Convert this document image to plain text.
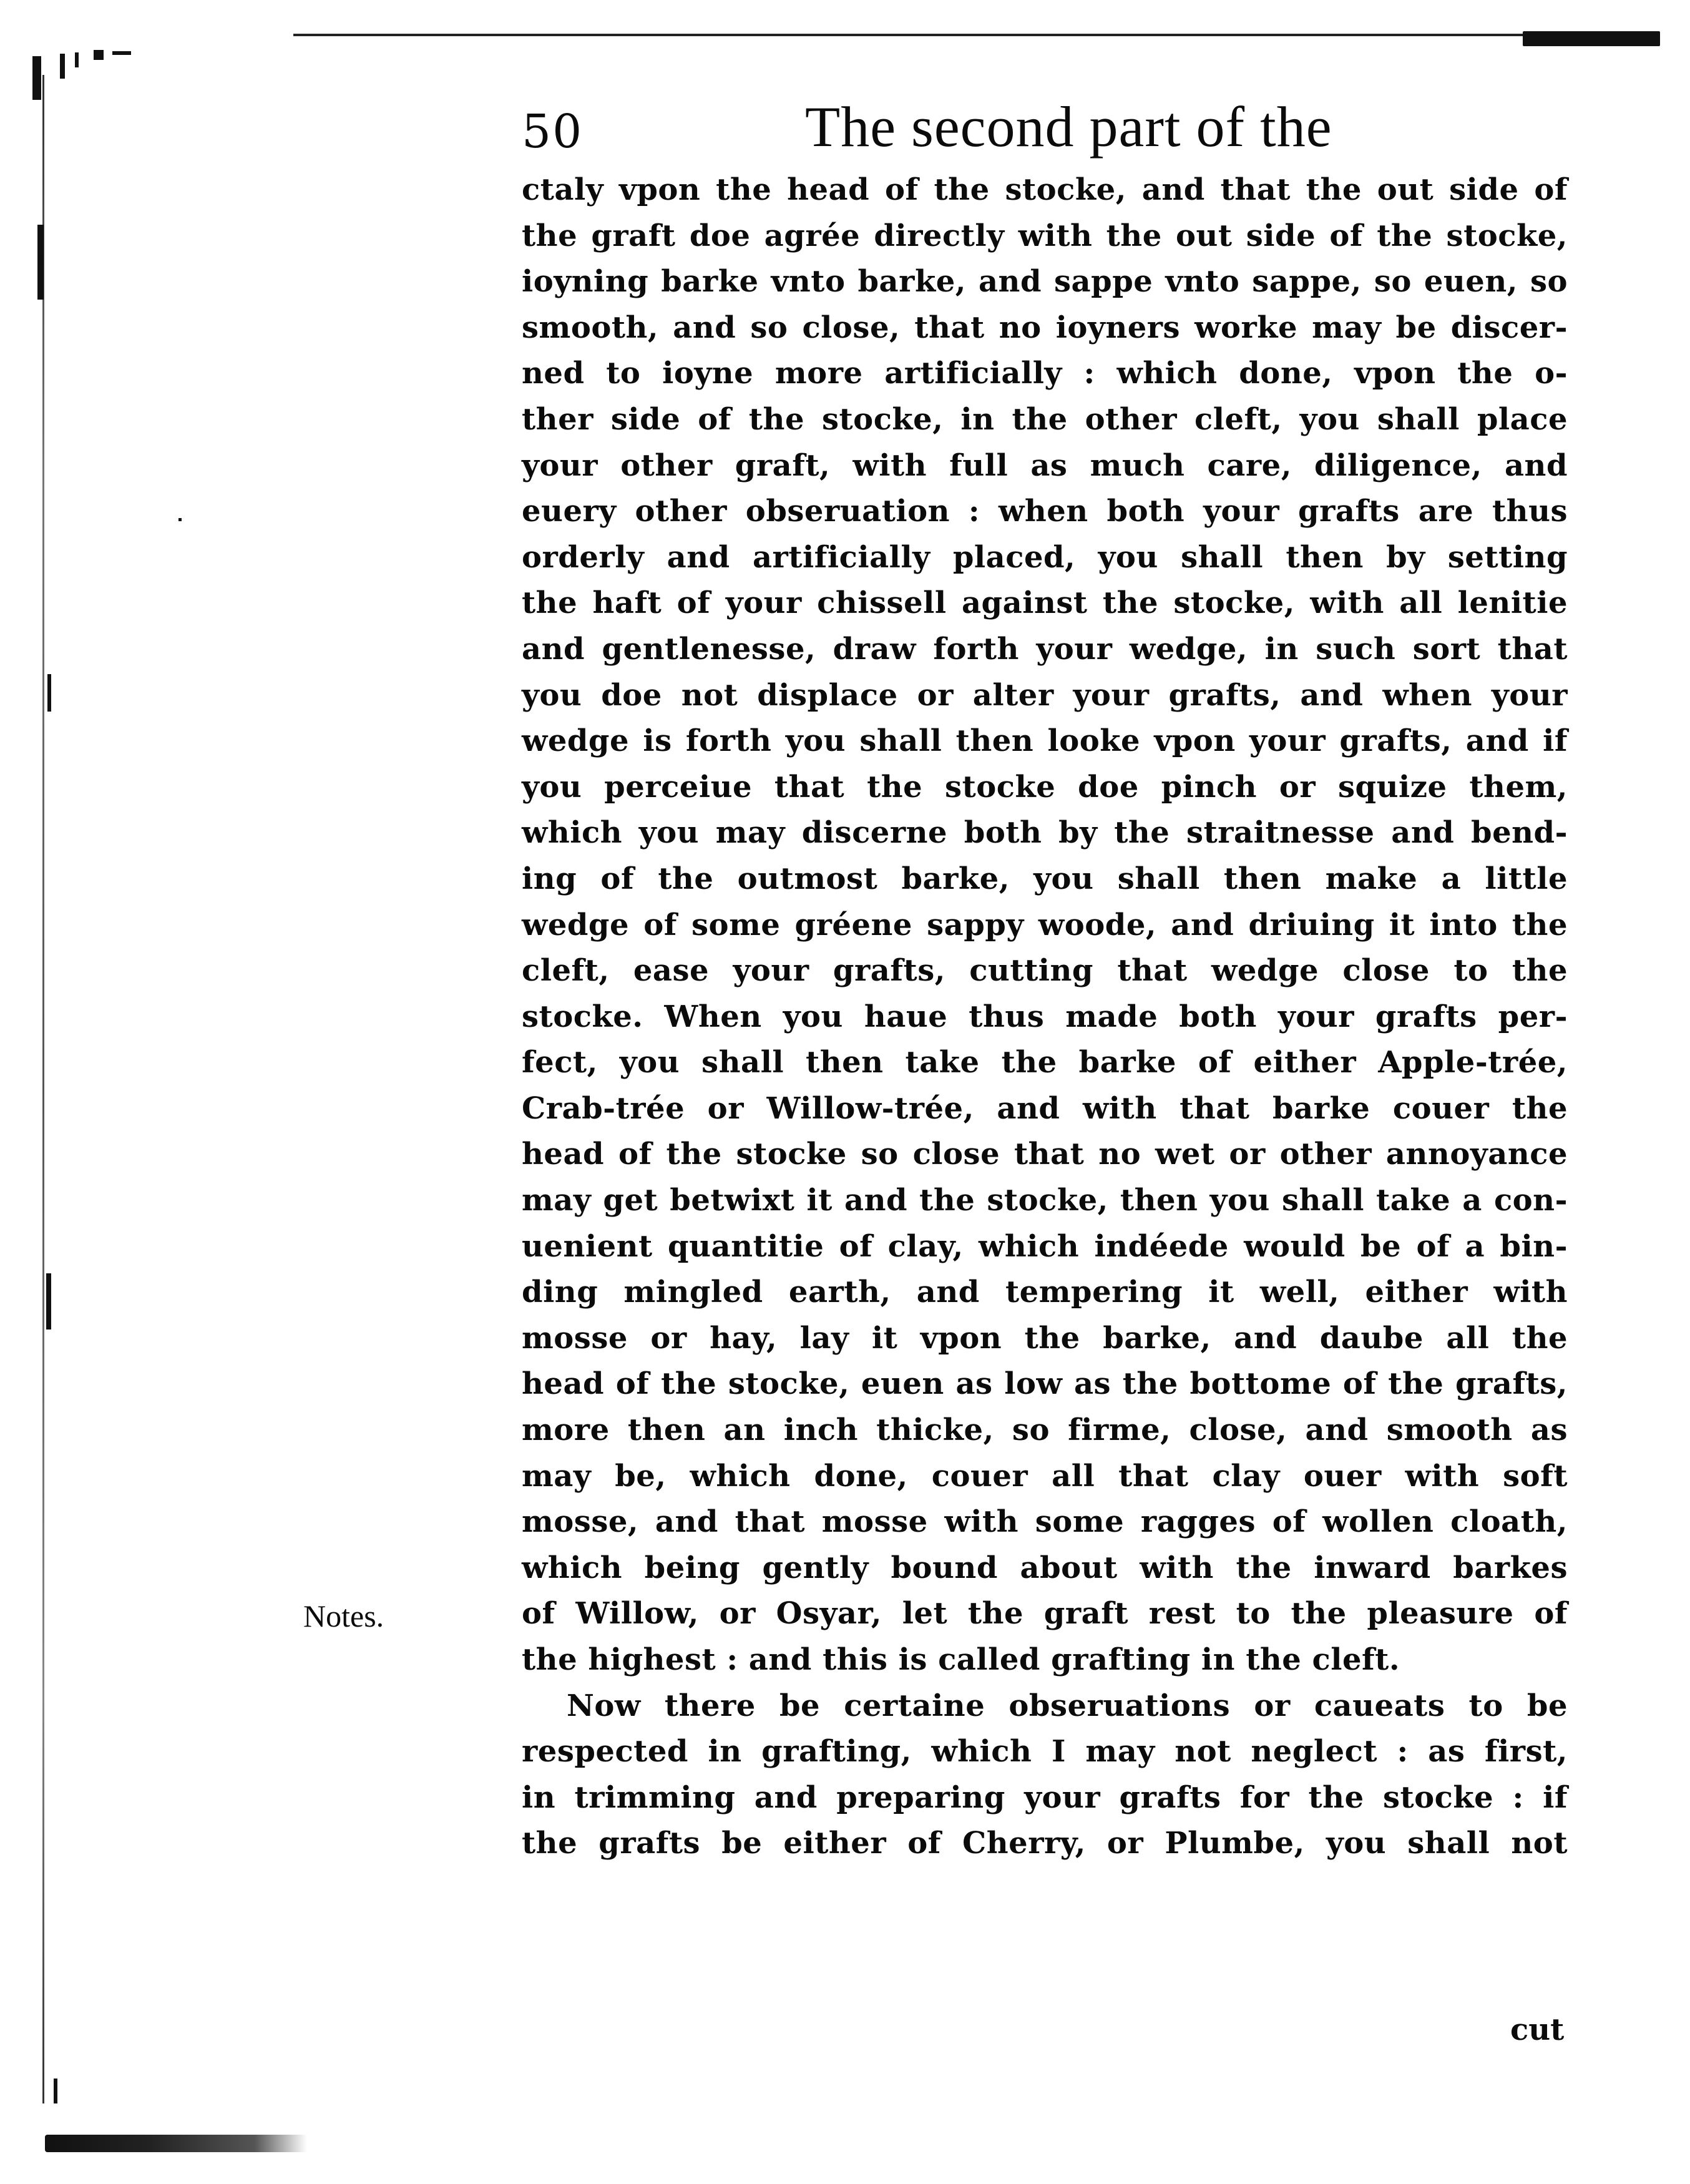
50	The second part of the
ctaly vpon the head of the stocke, and that the out side of
the graft doe agrée directly with the out side of the stocke,
ioyning barke vnto barke, and sappe vnto sappe, so euen, so
smooth, and so close, that no ioyners worke may be discer-
ned to ioyne more artificially : which done, vpon the o-
ther side of the stocke, in the other cleft, you shall place
your other graft, with full as much care, diligence, and
euery other obseruation : when both your grafts are thus
orderly and artificially placed, you shall then by setting
the haft of your chissell against the stocke, with all lenitie
and gentlenesse, draw forth your wedge, in such sort that
you doe not displace or alter your grafts, and when your
wedge is forth you shall then looke vpon your grafts, and if
you perceiue that the stocke doe pinch or squize them,
which you may discerne both by the straitnesse and bend-
ing of the outmost barke, you shall then make a little
wedge of some gréene sappy woode, and driuing it into the
cleft, ease your grafts, cutting that wedge close to the
stocke. When you haue thus made both your grafts per-
fect, you shall then take the barke of either Apple-trée,
Crab-trée or Willow-trée, and with that barke couer the
head of the stocke so close that no wet or other annoyance
may get betwixt it and the stocke, then you shall take a con-
uenient quantitie of clay, which indéede would be of a bin-
ding mingled earth, and tempering it well, either with
mosse or hay, lay it vpon the barke, and daube all the
head of the stocke, euen as low as the bottome of the grafts,
more then an inch thicke, so firme, close, and smooth as
may be, which done, couer all that clay ouer with soft
mosse, and that mosse with some ragges of wollen cloath,
which being gently bound about with the inward barkes
of Willow, or Osyar, let the graft rest to the pleasure of
the highest : and this is called grafting in the cleft.
Now there be certaine obseruations or caueats to be
respected in grafting, which I may not neglect : as first,
in trimming and preparing your grafts for the stocke : if
the grafts be either of Cherry, or Plumbe, you shall not
cut
Notes.
